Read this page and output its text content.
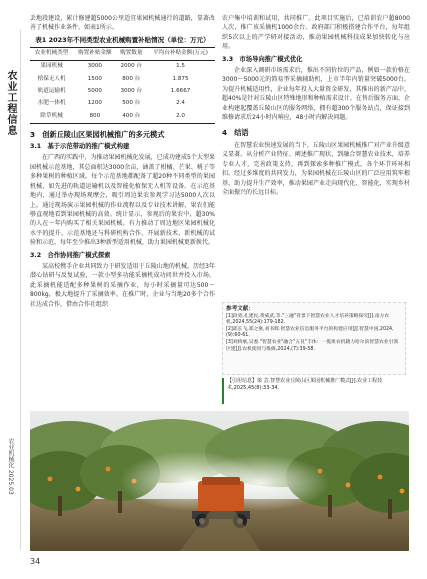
农业工程信息
农业机械化 2025.03

丢地段建设，累计修建超5000公里适宜果园机械通行的道路，显著改善了机械作业条件，如表1所示。

表1 2023年不同类型农业机械购置补贴情况（单位：万元）
农业机械类型	购置补贴金额	购置数量	平均台补贴金额(万元)
果园机械	3000	2000 台	1.5
植保无人机	1500	800 台	1.875
轨道运输机	5000	3000 台	1.6667
水肥一体机	1200	500 台	2.4
除草机械	800	400 台	2.0
3　创新丘陵山区果园机械推广的多元模式
3.1　基于示范带动的推广模式构建

在广西的实践中，为推动果园机械化发展，已成功建成5个大型果园机械示范基地，其总面积达3000余亩，涵盖了柑橘、芒果、桃子等多种果树的种植区域。每个示范基地都配备了超20种不同类型的果园机械，如先进的轨道运输机以及智能化植保无人机等设备。在示范基地内，通过举办现场观摩会，吸引周边果农参观学习达5000人次以上。通过现场演示果园机械的作业流程以及专业技术讲解，果农们能够直观地看到果园机械的高效。统计显示，参观后的果农中，超30%的人在一年内购买了相关果园机械。有力推动了周边地区果园机械化水平的提升。示范基地还与科研机构合作，开展新技术、新机械的试验和示范，每年至少推出3种新型适用机械，助力果园机械更新换代。

3.2　合作协同推广模式探索

某高校携手企业共同致力于研发适用于丘陵山地的机械，历经3年潜心钻研与反复试验，一款小型多功能采摘机成功问世并投入市场。此采摘机能适配多种果树的采摘作业，每小时采摘量可达500～800kg，极大地提升了采摘效率。在推广时，企业与当地20多个合作社达成合作，借由合作社组织

农户集中培训和试用，共同推广。此项目实施后，已培训农户超8000人次，推广该采摘机1000余台。政府部门积极搭建合作平台，每年组织5次以上的产学研对接活动，推动果园机械科技成果加快转化与应用。

3.3　市场导向推广模式优化

企业深入调研市场需求后，推出不同价位的产品，例如一款价格在3000～5000元的简易型采摘辅助机，上市半年内销量突破5000台。为提升机械适用性，企业每年投入大量资金研发，其推出的新产品中，超40%是针对丘陵山区特殊地形和种植需求设计。在售后服务方面，企业构建起覆盖丘陵山区的服务网络，拥有超300个服务站点，保证接到维修请求后24小时内响应，48小时内解决问题。

4　结语

在智慧农业快速发展的当下，丘陵山区果园机械推广对产业升级意义显著。从分析产业特征、阐述推广现状，到融合智慧农业技术，培养专业人才，完善政策支持，再到探索多种推广模式，各个环节环环相扣。经过多维度的共同发力，为果园机械在丘陵山区的广泛应用筑牢根基，助力提升生产效率，推动果园产业走向现代化、智能化，实现乡村全面振兴的长远目标。

参考文献：
[1]段勇,孔建民,黄威武,等."三融"背景下智慧农业人才培养策略探究[J].南方农机,2024,55(24):179-182.
[2]邱长飞,郑之豪,刘书辉.智慧农业信息服务平台的构建应用[J].智慧中国,2024,(9):60-61.
[3]刘桥豪,吴娄."智慧农业"融合"五良"丰体：一揽果农机籍力哈尔滨智慧农业引领区建[J].农机使用与维修,2024,(7):39-58.
【引用信息】梁 芸.智慧农业丘陵山区果园机械推广模式[J].农业工程技术,2025,45(8):33-34.
34
